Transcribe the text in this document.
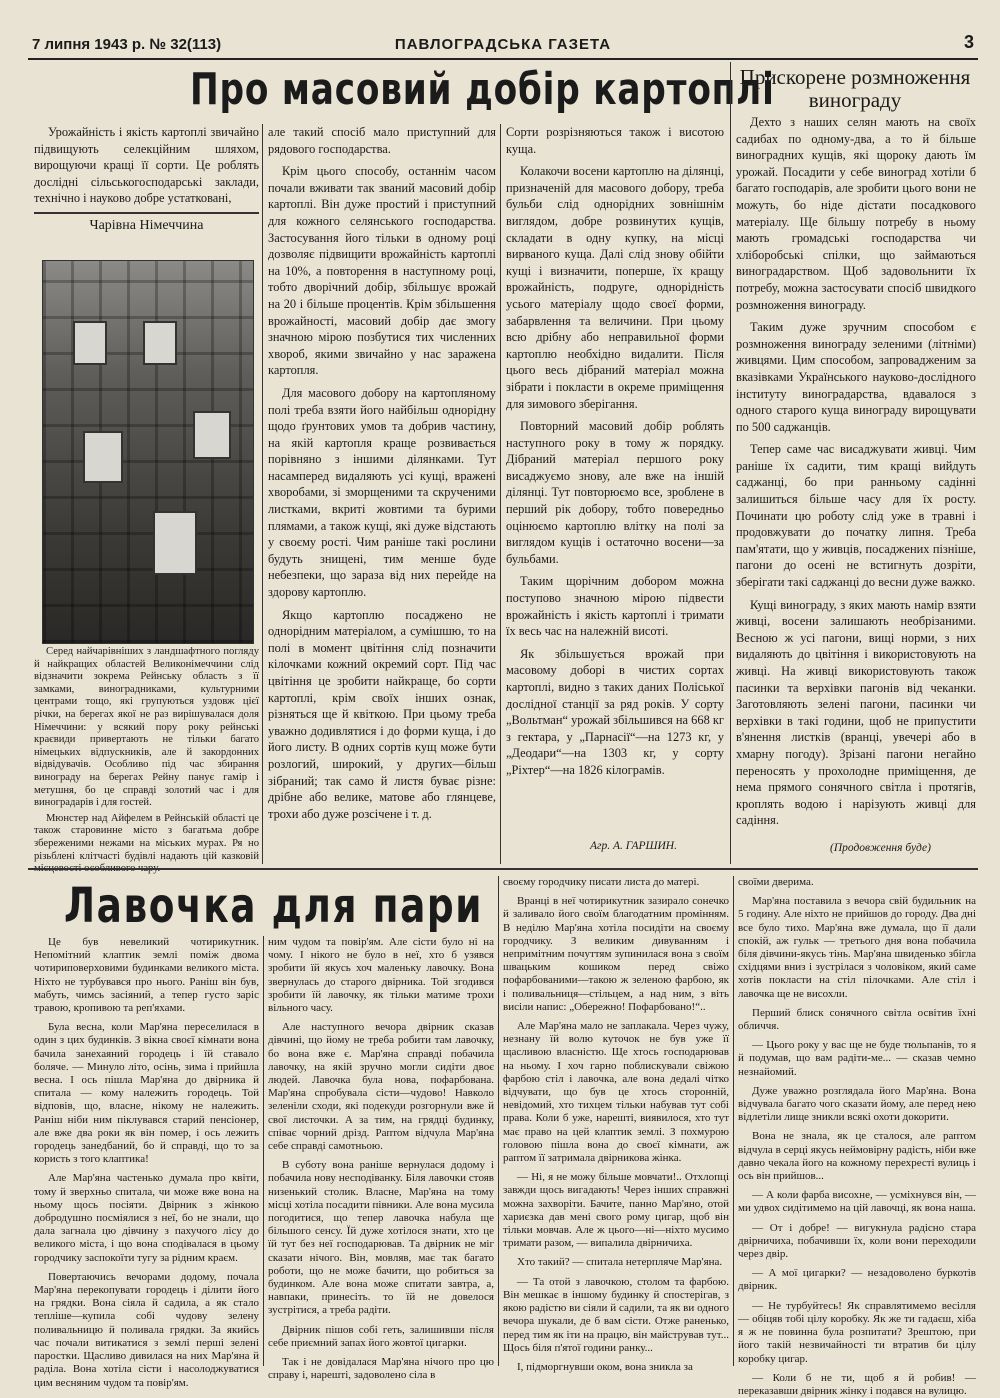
7 липня 1943 р. № 32(113)	ПАВЛОГРАДСЬКА ГАЗЕТА	3
Про масовий добір картоплі

Урожайність і якість картоплі звичайно підвищують селекційним шляхом, вирощуючи кращі її сорти. Це роблять дослідні сільськогосподарські заклади, технічно і науково добре устатковані,

Чарівна Німеччина

Серед найчарівніших з ландшафтного погляду й найкращих областей Великонімеччини слід відзначити зокрема Рейнську область з її замками, виноградниками, культурними центрами тощо, які групуються уздовж цієї річки, на берегах якої не раз вирішувалася доля Німеччини: у всякий пору року рейнські краєвиди привертають не тільки багато німецьких відпускників, але й закордонних відвідувачів. Особливо під час збирання винограду на берегах Рейну панує гамір і метушня, бо це справді золотий час і для виноградарів і для гостей.

Мюнстер над Айфелем в Рейнській області це також старовинне місто з багатьма добре збереженими нежами на міських мурах. Ря но різьблені клітчасті будівлі надають цій казковій місцевості особливого чару.

але такий спосіб мало приступний для рядового господарства.

Крім цього способу, останнім часом почали вживати так званий масовий добір картоплі. Він дуже простий і приступний для кожного селянського господарства. Застосування його тільки в одному році дозволяє підвищити врожайність картоплі на 10%, а повторення в наступному році, тобто дворічний добір, збільшує врожай на 20 і більше процентів. Крім збільшення врожайності, масовий добір дає змогу значною мірою позбутися тих численних хвороб, якими звичайно у нас заражена картопля.

Для масового добору на картопляному полі треба взяти його найбільш однорідну щодо ґрунтових умов та добрив частину, на якій картопля краще розвивається порівняно з іншими ділянками. Тут насамперед видаляють усі кущі, вражені хворобами, зі зморщеними та скрученими листками, вкриті жовтими та бурими плямами, а також кущі, які дуже відстають у своєму рості. Чим раніше такі рослини будуть знищені, тим менше буде небезпеки, що зараза від них перейде на здорову картоплю.

Якщо картоплю посаджено не однорідним матеріалом, а сумішшю, то на полі в момент цвітіння слід позначити кілочками кожний окремий сорт. Під час цвітіння це зробити найкраще, бо сорти картоплі, крім своїх інших ознак, різняться ще й квіткою. При цьому треба уважно додивлятися і до форми куща, і до його листу. В одних сортів кущ може бути розлогий, широкий, у других—більш зібраний; так само й листя буває різне: дрібне або велике, матове або глянцеве, трохи або дуже розсічене і т. д.

Сорти розрізняються також і висотою куща.

Колакочи восени картоплю на ділянці, призначеній для масового добору, треба бульби слід однорідних зовнішнім виглядом, добре розвинутих кущів, складати в одну купку, на місці вирваного куща. Далі слід знову обійти кущі і визначити, поперше, їх кращу врожайність, подруге, однорідність усього матеріалу щодо своєї форми, забарвлення та величини. При цьому всю дрібну або неправильної форми картоплю необхідно видалити. Після цього весь дібраний матеріал можна зібрати і покласти в окреме приміщення для зимового зберігання.

Повторний масовий добір роблять наступного року в тому ж порядку. Дібраний матеріал першого року висаджуємо знову, але вже на іншій ділянці. Тут повторюємо все, зроблене в перший рік добору, тобто повередньо оцінюємо картоплю влітку на полі за виглядом кущів і остаточно восени—за бульбами.

Таким щорічним добором можна поступово значною мірою підвести врожайність і якість картоплі і тримати їх весь час на належній висоті.

Як збільшується врожай при масовому доборі в чистих сортах картоплі, видно з таких даних Поліської дослідної станції за ряд років. У сорту „Вольтман“ урожай збільшився на 668 кг з гектара, у „Парнасії“—на 1273 кг, у „Деодари“—на 1303 кг, у сорту „Ріхтер“—на 1826 кілограмів.

Агр. А. ГАРШИН.
Прискорене розмноження винограду

Дехто з наших селян мають на своїх садибах по одному-два, а то й більше виноградних кущів, які щороку дають їм урожай. Посадити у себе виноград хотіли б багато господарів, але зробити цього вони не можуть, бо ніде дістати посадкового матеріалу. Ще більшу потребу в ньому мають громадські господарства чи хліборобські спілки, що займаються виноградарством. Щоб задовольнити їх потребу, можна застосувати спосіб швидкого розмноження винограду.

Таким дуже зручним способом є розмноження винограду зеленими (літніми) живцями. Цим способом, запровадженим за вказівками Українського науково-дослідного інституту виноградарства, вдавалося з одного старого куща винограду вирощувати по 500 саджанців.

Тепер саме час висаджувати живці. Чим раніше їх садити, тим кращі вийдуть саджанці, бо при ранньому садінні залишиться більше часу для їх росту. Починати цю роботу слід уже в травні і продовжувати до початку липня. Треба пам'ятати, що у живців, посаджених пізніше, пагони до осені не встигнуть дозріти, зберігати такі саджанці до весни дуже важко.

Кущі винограду, з яких мають намір взяти живці, восени залишають необрізаними. Весною ж усі пагони, вищі норми, з них видаляють до цвітіння і використовують на живці. На живці використовують також пасинки та верхівки пагонів від чеканки. Заготовляють зелені пагони, пасинки чи верхівки в такі години, щоб не припустити в'янення листків (вранці, увечері або в хмарну погоду). Зрізані пагони негайно переносять у прохолодне приміщення, де нема прямого сонячного світла і протягів, кроплять водою і нарізують живці для садіння.

(Продовження буде)
Лавочка для пари

Це був невеликий чотирикутник. Непомітний клаптик землі поміж двома чотириповерховими будинками великого міста. Ніхто не турбувався про нього. Раніш він був, мабуть, чимсь засіяний, а тепер густо заріс травою, кропивою та реп'яхами.

Була весна, коли Мар'яна переселилася в один з цих будинків. З вікна своєї кімнати вона бачила занехаяний городець і їй ставало боляче. — Минуло літо, осінь, зима і прийшла весна. І ось пішла Мар'яна до двірника й спитала — кому належить городець. Той відповів, що, власне, нікому не належить. Раніш ніби ним піклувався старий пенсіонер, але вже два роки як він помер, і ось лежить городець занедбаний, бо й справді, що то за користь з того клаптика!

Але Мар'яна частенько думала про квіти, тому й зверхньо спитала, чи може вже вона на ньому щось посіяти. Двірник з жінкою добродушно посміялися з неї, бо не знали, що дала загнала цю дівчину з пахучого лісу до великого міста, і що вона сподівалася в цьому городчику заспокоїти тугу за рідним краєм.

Повертаючись вечорами додому, почала Мар'яна перекопувати городець і ділити його на грядки. Вона сіяла й садила, а як стало тепліше—купила собі чудову зелену поливальницю й поливала грядки. За якийсь час почали витикатися з землі перші зелені паростки. Щасливо дивилася на них Мар'яна й раділа. Вона хотіла сісти і насолоджуватися цим весняним чудом та повір'ям.

ним чудом та повір'ям. Але сісти було ні на чому. І нікого не було в неї, хто б узявся зробити їй якусь хоч маленьку лавочку. Вона звернулась до старого двірника. Той згодився зробити їй лавочку, як тільки матиме трохи вільного часу.

Але наступного вечора двірник сказав дівчині, що йому не треба робити там лавочку, бо вона вже є. Мар'яна справді побачила лавочку, на якій зручно могли сидіти двоє людей. Лавочка була нова, пофарбована. Мар'яна спробувала сісти—чудово! Навколо зеленіли сходи, які подекуди розгорнули вже й свої листочки. А за тим, на грядці будинку, співає чорний дрізд. Раптом відчула Мар'яна себе справді самотньою.

В суботу вона раніше вернулася додому і побачила нову несподіванку. Біля лавочки стояв низенький столик. Власне, Мар'яна на тому місці хотіла посадити півники. Але вона мусила погодитися, що тепер лавочка набула ще більшого сенсу. Їй дуже хотілося знати, хто це їй тут без неї господарював. Та двірник не міг сказати нічого. Він, мовляв, має так багато роботи, що не може бачити, що робиться за будинком. Але вона може спитати завтра, а, навпаки, принесіть. то їй не довелося зустрітися, а треба радіти.

Двірник пішов собі геть, залишивши після себе приємний запах його жовтої цигарки.

Так і не довідалася Мар'яна нічого про цю справу і, нарешті, задоволено сіла в

своєму городчику писати листа до матері.

Вранці в неї чотирикутник зазирало сонечко й заливало його своїм благодатним промінням. В неділю Мар'яна хотіла посидіти на своєму городчику. З великим дивуванням і непримітним почуттям зупинилася вона з своїм швацьким кошиком перед свіжо пофарбованими—такою ж зеленою фарбою, як і поливальниця—стільцем, а над ним, з віть висіли напис: „Обережно! Пофарбовано!“..

Але Мар'яна мало не заплакала. Через чужу, незнану їй волю куточок не був уже її щасливою власністю. Ще хтось господарював на ньому. І хоч гарно поблискували свіжою фарбою стіл і лавочка, але вона дедалі чітко відчувати, що був це хтось сторонній, невідомий, хто тихцем тільки набував тут собі права. Коли б уже, нарешті, виявилося, хто тут має право на цей клаптик землі. З похмурою головою пішла вона до своєї кімнати, аж раптом її затримала двірникова жінка.

— Ні, я не можу більше мовчати!.. Отхлопці завжди щось вигадають! Через інших справжні можна захворіти. Бачите, панно Мар'яно, отой хариєзка дав мені свого рому цигар, щоб він тільки мовчав. Але ж цього—ні—ніхто мусимо тримати разом, — випалила двірничиха.

Хто такий? — спитала нетерпляче Мар'яна.

— Та отой з лавочкою, столом та фарбою. Він мешкає в іншому будинку й спостерігав, з якою радістю ви сіяли й садили, та як ви одного вечора шукали, де б вам сісти. Отже раненько, перед тим як іти на працю, він майстрував тут... Щось біля п'ятої години ранку...

І, підморгнувши оком, вона зникла за

своїми дверима.

Мар'яна поставила з вечора свій будильник на 5 годину. Але ніхто не прийшов до городу. Два дні все було тихо. Мар'яна вже думала, що її дали спокій, аж гульк — третього дня вона побачила біля дівчини-якусь тінь. Мар'яна швиденько збігла східцями вниз і зустрілася з чоловіком, який саме хотів покласти на стіл пілочками. Але стіл і лавочка ще не висохли.

Перший блиск сонячного світла освітив їхні обличчя.

— Цього року у вас ще не буде тюльпанів, то я й подумав, що вам радіти-ме... — сказав чемно незнайомий.

Дуже уважно розглядала його Мар'яна. Вона відчувала багато чого сказати йому, але перед нею відлетіли лище зникли всякі охоти докорити.

Вона не знала, як це сталося, але раптом відчула в серці якусь неймовірну радість, ніби вже давно чекала його на кожному перехресті вулиць і ось він прийшов...

— А коли фарба висохне, — усміхнувся він, — ми удвох сидітимемо на цій лавочці, як вона наша.

— От і добре! — вигукнула радісно стара двірничиха, побачивши їх, коли вони переходили через двір.

— А мої цигарки? — незадоволено буркотів двірник.

— Не турбуйтесь! Як справлятимемо весілля — обіцяв тобі цілу коробку. Як же ти гадаєш, хіба я ж не повинна була розпитати? Зрештою, при його такій незвичайності ти втратив би цілу коробку цигар.

— Коли б не ти, щоб я й робив! — переказавши двірник жінку і подався на вулицю.
